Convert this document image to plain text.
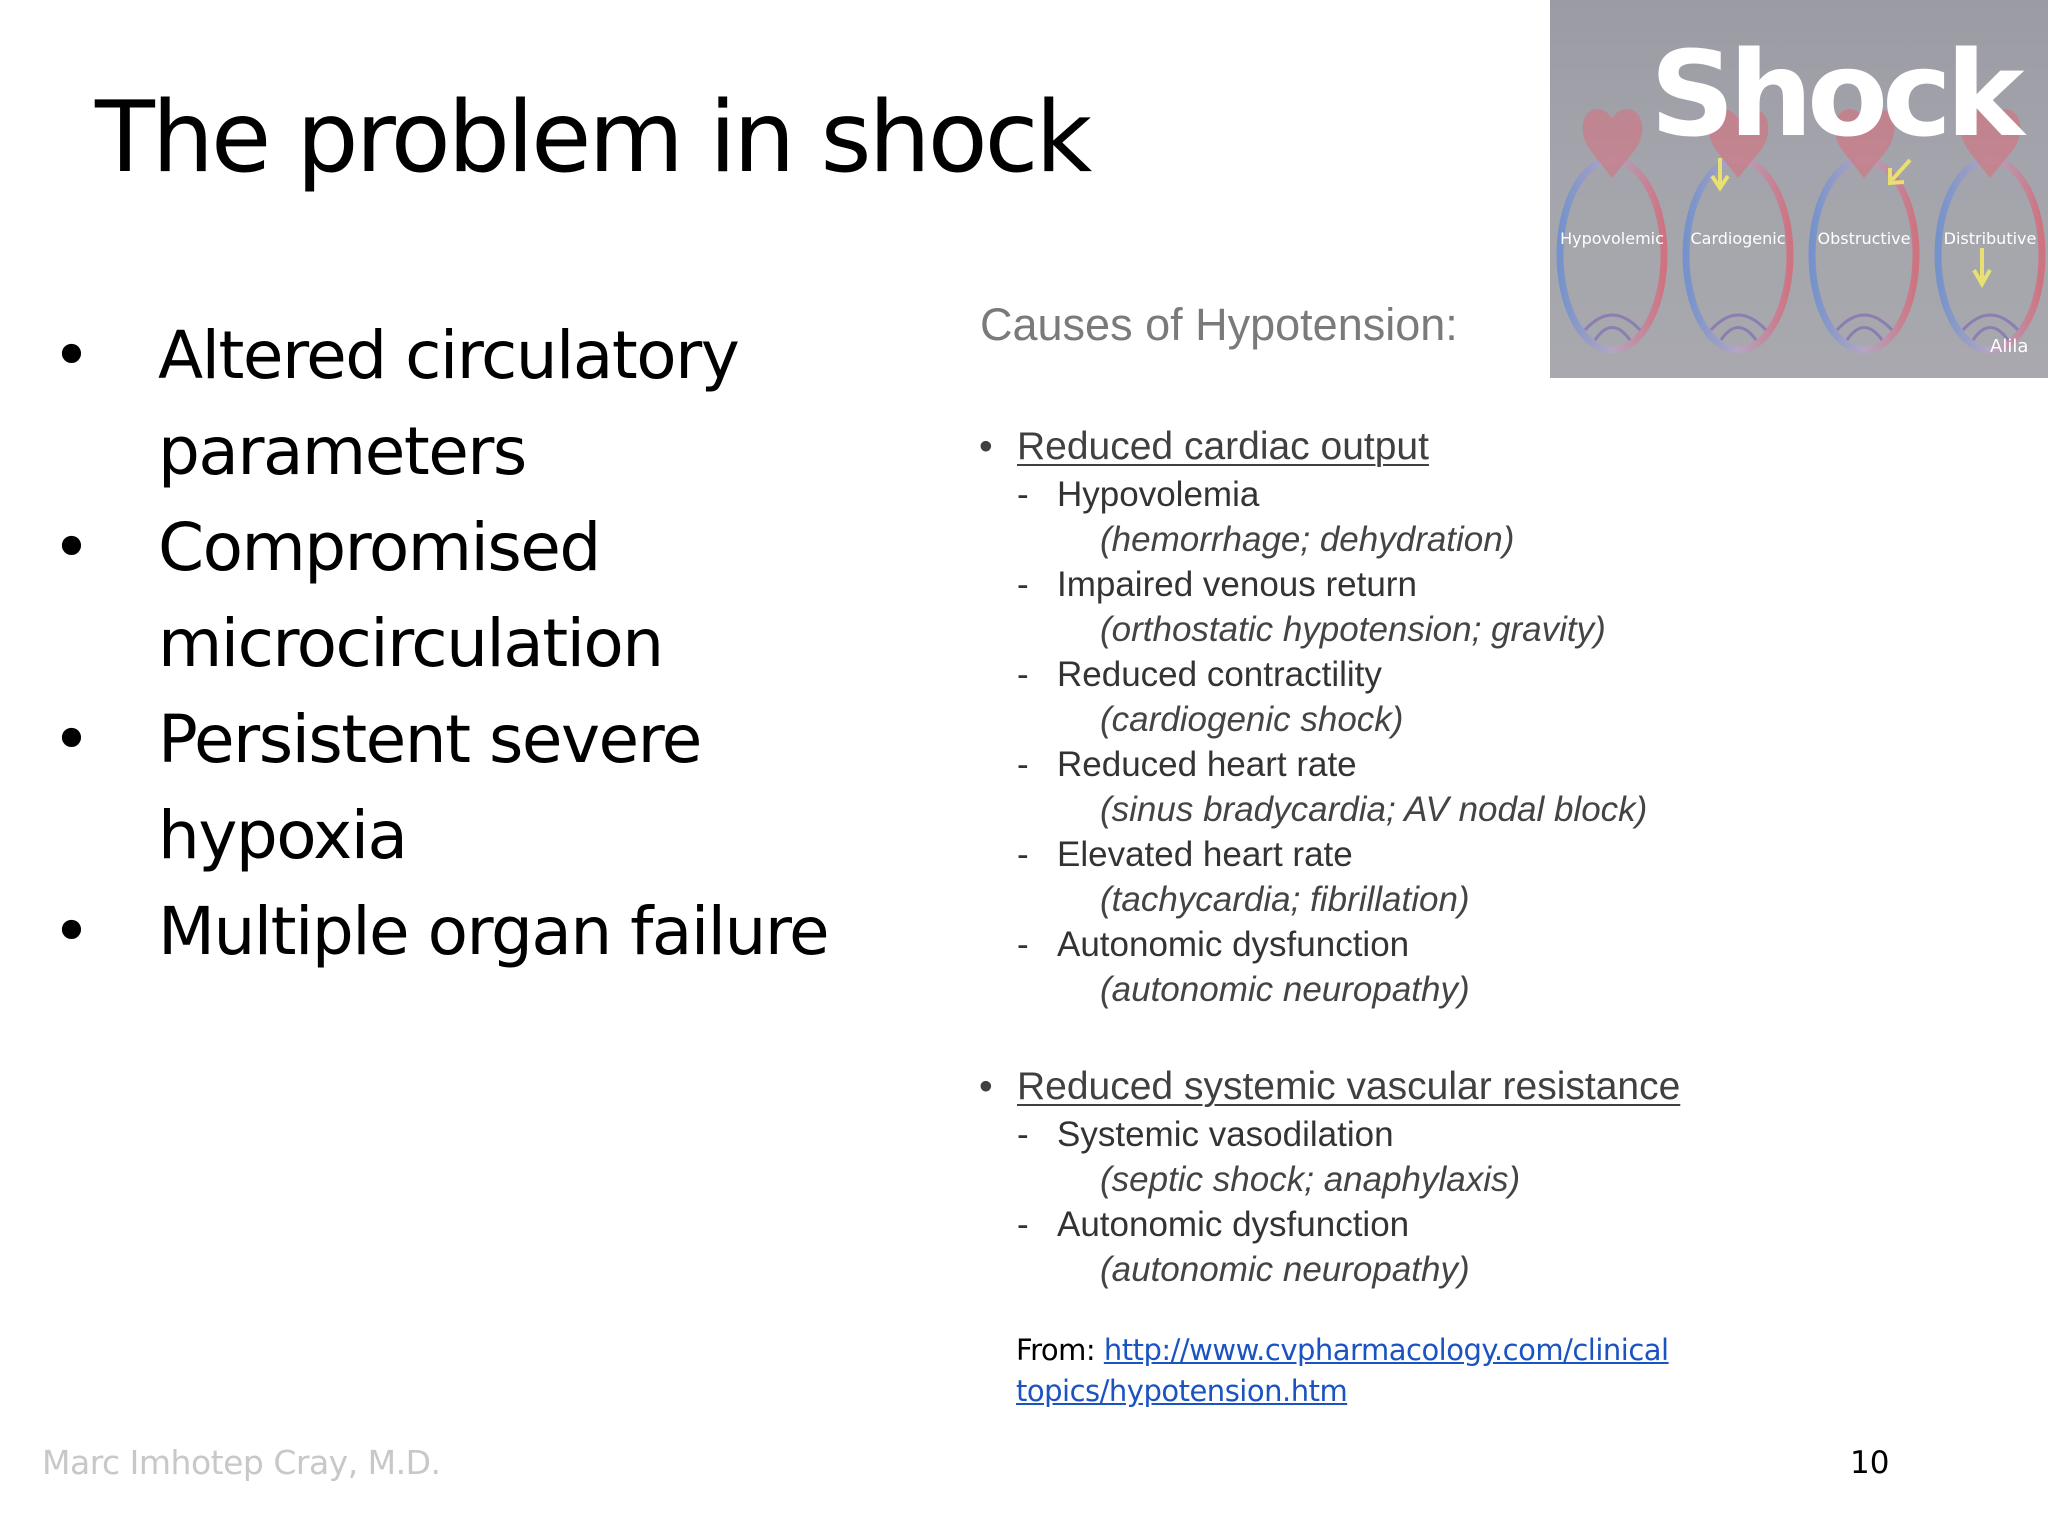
The problem in shock
• Altered circulatory parameters
• Compromised microcirculation
• Persistent severe hypoxia
• Multiple organ failure
Causes of Hypotension:
• Reduced cardiac output
- Hypovolemia
(hemorrhage; dehydration)
- Impaired venous return
(orthostatic hypotension; gravity)
- Reduced contractility
(cardiogenic shock)
- Reduced heart rate
(sinus bradycardia; AV nodal block)
- Elevated heart rate
(tachycardia; fibrillation)
- Autonomic dysfunction
(autonomic neuropathy)
• Reduced systemic vascular resistance
- Systemic vasodilation
(septic shock; anaphylaxis)
- Autonomic dysfunction
(autonomic neuropathy)
From: http://www.cvpharmacology.com/clinical
topics/hypotension.htm
Shock
Hypovolemic Cardiogenic Obstructive Distributive
Alila
Marc Imhotep Cray, M.D.	10
